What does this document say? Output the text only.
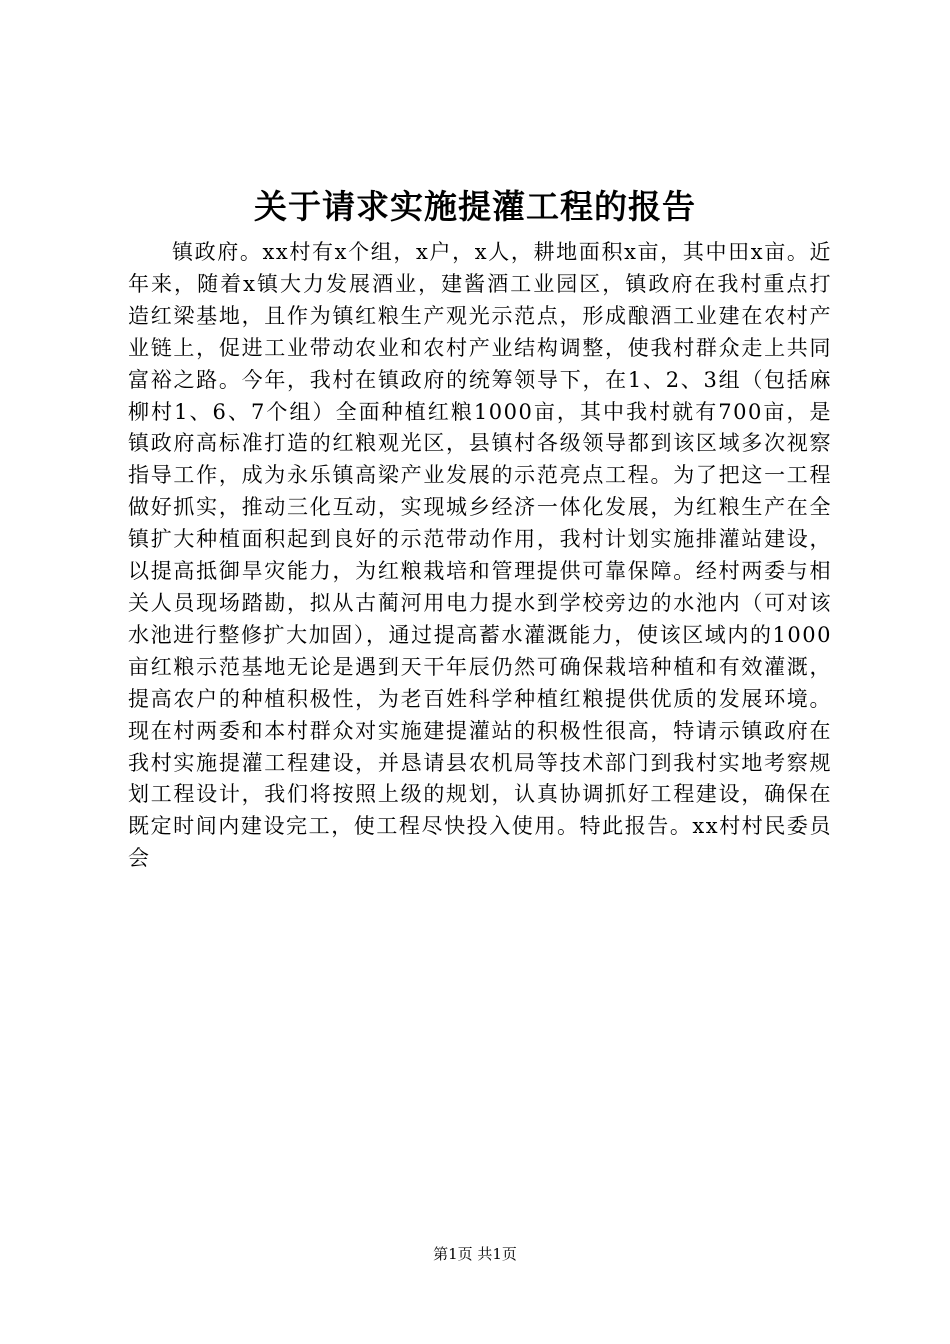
关于请求实施提灌工程的报告

镇政府。xx村有x个组，x户，x人，耕地面积x亩，其中田x亩。近年来，随着x镇大力发展酒业，建酱酒工业园区，镇政府在我村重点打造红梁基地，且作为镇红粮生产观光示范点，形成酿酒工业建在农村产业链上，促进工业带动农业和农村产业结构调整，使我村群众走上共同富裕之路。今年，我村在镇政府的统筹领导下，在1、2、3组（包括麻柳村1、6、7个组）全面种植红粮1000亩，其中我村就有700亩，是镇政府高标准打造的红粮观光区，县镇村各级领导都到该区域多次视察指导工作，成为永乐镇高梁产业发展的示范亮点工程。为了把这一工程做好抓实，推动三化互动，实现城乡经济一体化发展，为红粮生产在全镇扩大种植面积起到良好的示范带动作用，我村计划实施排灌站建设，以提高抵御旱灾能力，为红粮栽培和管理提供可靠保障。经村两委与相关人员现场踏勘，拟从古蔺河用电力提水到学校旁边的水池内（可对该水池进行整修扩大加固），通过提高蓄水灌溉能力，使该区域内的1000亩红粮示范基地无论是遇到天干年辰仍然可确保栽培种植和有效灌溉，提高农户的种植积极性，为老百姓科学种植红粮提供优质的发展环境。现在村两委和本村群众对实施建提灌站的积极性很高，特请示镇政府在我村实施提灌工程建设，并恳请县农机局等技术部门到我村实地考察规划工程设计，我们将按照上级的规划，认真协调抓好工程建设，确保在既定时间内建设完工，使工程尽快投入使用。特此报告。xx村村民委员会

第1页 共1页
